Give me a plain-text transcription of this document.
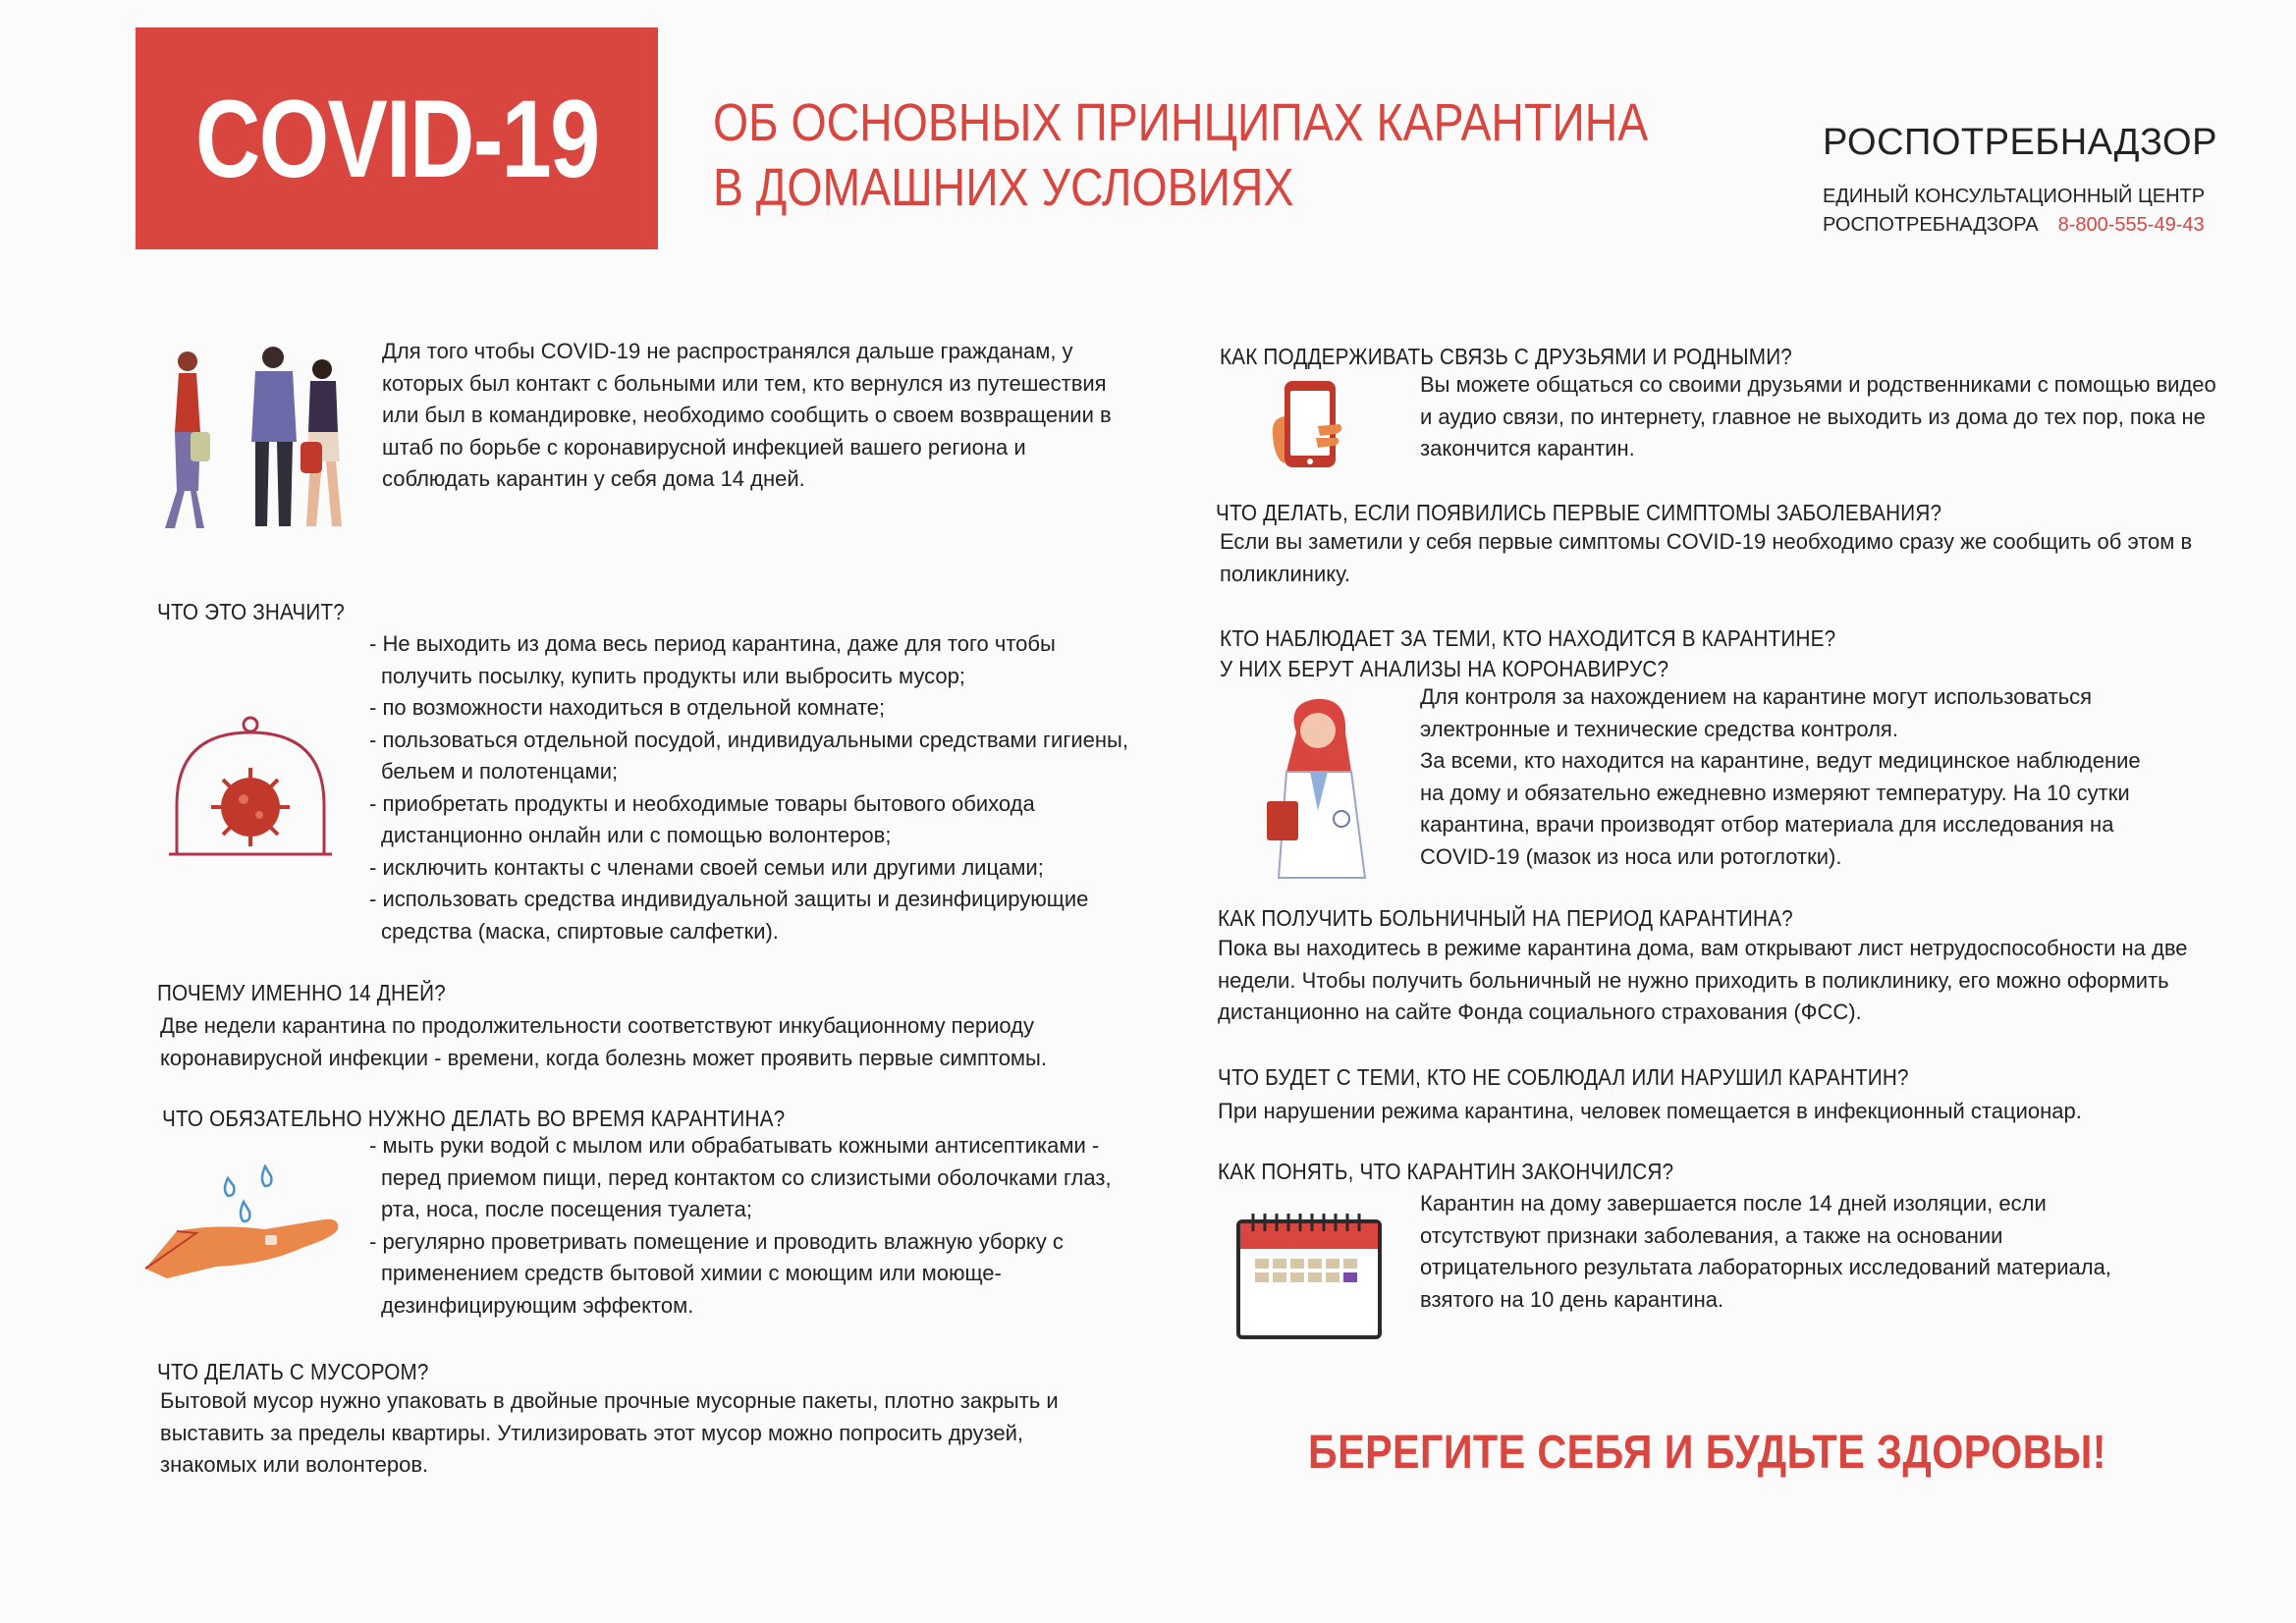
COVID-19 ОБ ОСНОВНЫХ ПРИНЦИПАХ КАРАНТИНА
В ДОМАШНИХ УСЛОВИЯХ
РОСПОТРЕБНАДЗОР
ЕДИНЫЙ КОНСУЛЬТАЦИОННЫЙ ЦЕНТР
РОСПОТРЕБНАДЗОРА 8-800-555-49-43
Для того чтобы COVID-19 не распространялся дальше гражданам, у которых был контакт с больными или тем, кто вернулся из путешествия или был в командировке, необходимо сообщить о своем возвращении в штаб по борьбе с коронавирусной инфекцией вашего региона и соблюдать карантин у себя дома 14 дней.
ЧТО ЭТО ЗНАЧИТ?
- Не выходить из дома весь период карантина, даже для того чтобы получить посылку, купить продукты или выбросить мусор;
- по возможности находиться в отдельной комнате;
- пользоваться отдельной посудой, индивидуальными средствами гигиены, бельем и полотенцами;
- приобретать продукты и необходимые товары бытового обихода дистанционно онлайн или с помощью волонтеров;
- исключить контакты с членами своей семьи или другими лицами;
- использовать средства индивидуальной защиты и дезинфицирующие средства (маска, спиртовые салфетки).
ПОЧЕМУ ИМЕННО 14 ДНЕЙ?
Две недели карантина по продолжительности соответствуют инкубационному периоду коронавирусной инфекции - времени, когда болезнь может проявить первые симптомы.
ЧТО ОБЯЗАТЕЛЬНО НУЖНО ДЕЛАТЬ ВО ВРЕМЯ КАРАНТИНА?
- мыть руки водой с мылом или обрабатывать кожными антисептиками - перед приемом пищи, перед контактом со слизистыми оболочками глаз, рта, носа, после посещения туалета;
- регулярно проветривать помещение и проводить влажную уборку с применением средств бытовой химии с моющим или моюще-дезинфицирующим эффектом.
ЧТО ДЕЛАТЬ С МУСОРОМ?
Бытовой мусор нужно упаковать в двойные прочные мусорные пакеты, плотно закрыть и выставить за пределы квартиры. Утилизировать этот мусор можно попросить друзей, знакомых или волонтеров.
КАК ПОДДЕРЖИВАТЬ СВЯЗЬ С ДРУЗЬЯМИ И РОДНЫМИ?
Вы можете общаться со своими друзьями и родственниками с помощью видео и аудио связи, по интернету, главное не выходить из дома до тех пор, пока не закончится карантин.
ЧТО ДЕЛАТЬ, ЕСЛИ ПОЯВИЛИСЬ ПЕРВЫЕ СИМПТОМЫ ЗАБОЛЕВАНИЯ?
Если вы заметили у себя первые симптомы COVID-19 необходимо сразу же сообщить об этом в поликлинику.
КТО НАБЛЮДАЕТ ЗА ТЕМИ, КТО НАХОДИТСЯ В КАРАНТИНЕ?
У НИХ БЕРУТ АНАЛИЗЫ НА КОРОНАВИРУС?
Для контроля за нахождением на карантине могут использоваться электронные и технические средства контроля.
За всеми, кто находится на карантине, ведут медицинское наблюдение на дому и обязательно ежедневно измеряют температуру. На 10 сутки карантина, врачи производят отбор материала для исследования на COVID-19 (мазок из носа или ротоглотки).
КАК ПОЛУЧИТЬ БОЛЬНИЧНЫЙ НА ПЕРИОД КАРАНТИНА?
Пока вы находитесь в режиме карантина дома, вам открывают лист нетрудоспособности на две недели. Чтобы получить больничный не нужно приходить в поликлинику, его можно оформить дистанционно на сайте Фонда социального страхования (ФСС).
ЧТО БУДЕТ С ТЕМИ, КТО НЕ СОБЛЮДАЛ ИЛИ НАРУШИЛ КАРАНТИН?
При нарушении режима карантина, человек помещается в инфекционный стационар.
КАК ПОНЯТЬ, ЧТО КАРАНТИН ЗАКОНЧИЛСЯ?
Карантин на дому завершается после 14 дней изоляции, если отсутствуют признаки заболевания, а также на основании отрицательного результата лабораторных исследований материала, взятого на 10 день карантина.
БЕРЕГИТЕ СЕБЯ И БУДЬТЕ ЗДОРОВЫ!
